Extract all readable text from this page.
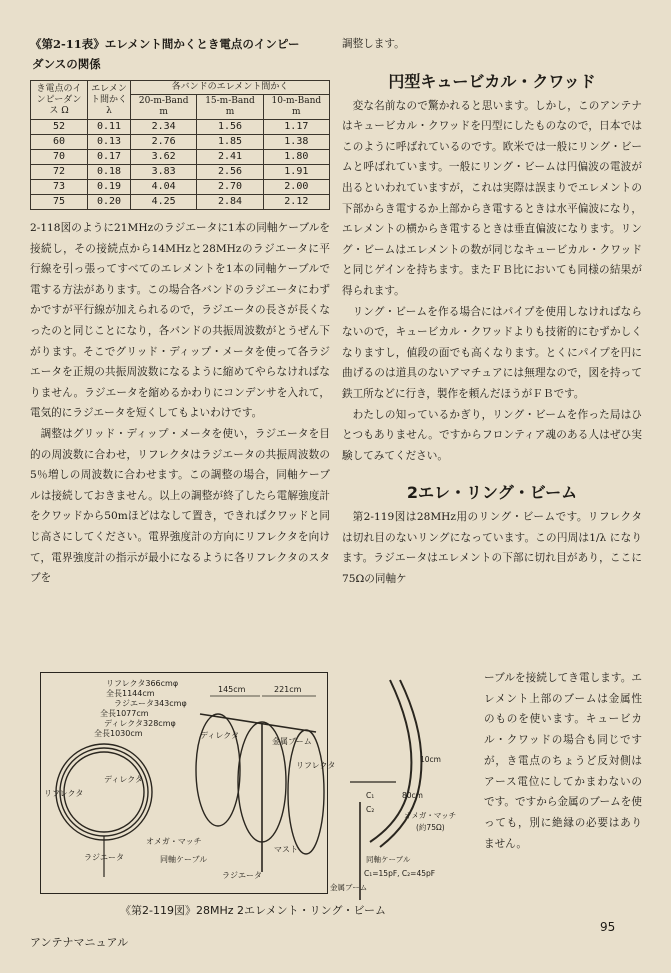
《第2-11表》エレメント間かくとき電点のインピー
ダンスの関係

き電点のインピーダンス Ω	エレメント間かく λ	各バンドのエレメント間かく		
		20-m-Band
m	15-m-Band
m	10-m-Band
m
52	0.11	2.34	1.56	1.17
60	0.13	2.76	1.85	1.38
70	0.17	3.62	2.41	1.80
72	0.18	3.83	2.56	1.91
73	0.19	4.04	2.70	2.00
75	0.20	4.25	2.84	2.12

2-118図のように21MHzのラジエータに1本の同軸ケーブルを接続し，その接続点から14MHzと28MHzのラジエータに平行線を引っ張ってすべてのエレメントを1本の同軸ケーブルで電する方法があります。この場合各バンドのラジエータにわずかですが平行線が加えられるので，ラジエータの長さが長くなったのと同じことになり，各バンドの共振周波数がとうぜん下がります。そこでグリッド・ディップ・メータを使って各ラジエータを正規の共振周波数になるように縮めてやらなければなりません。ラジエータを縮めるかわりにコンデンサを入れて，電気的にラジエータを短くしてもよいわけです。

調整はグリッド・ディップ・メータを使い，ラジエータを目的の周波数に合わせ，リフレクタはラジエータの共振周波数の5％増しの周波数に合わせます。この調整の場合，同軸ケーブルは接続しておきません。以上の調整が終了したら電解強度計をクワッドから50mほどはなして置き，できればクワッドと同じ高さにしてください。電界強度計の方向にリフレクタを向けて，電界強度計の指示が最小になるように各リフレクタのスタブを

調整します。

円型キュービカル・クワッド

変な名前なので驚かれると思います。しかし，このアンテナはキュービカル・クワッドを円型にしたものなので，日本ではこのように呼ばれているのです。欧米では一般にリング・ビームと呼ばれています。一般にリング・ビームは円偏波の電波が出るといわれていますが，これは実際は誤まりでエレメントの下部からき電するか上部からき電するときは水平偏波になり，エレメントの横からき電するときは垂直偏波になります。リング・ビームはエレメントの数が同じなキュービカル・クワッドと同じゲインを持ちます。またＦＢ比においても同様の結果が得られます。

リング・ビームを作る場合にはパイプを使用しなければならないので，キュービカル・クワッドよりも技術的にむずかしくなりますし，値段の面でも高くなります。とくにパイプを円に曲げるのは道具のないアマチュアには無理なので，図を持って鉄工所などに行き，製作を頼んだほうがＦＢです。

わたしの知っているかぎり，リング・ビームを作った局はひとつもありません。ですからフロンティア魂のある人はぜひ実験してみてください。

2エレ・リング・ビーム

第2-119図は28MHz用のリング・ビームです。リフレクタは切れ目のないリングになっています。この円周は1/λ になります。ラジエータはエレメントの下部に切れ目があり，ここに75Ωの同軸ケ

ーブルを接続してき電します。エレメント上部のブームは金属性のものを使います。キュービカル・クワッドの場合も同じですが，き電点のちょうど反対側はアース電位にしてかまわないのです。ですから金属のブームを使っても，別に絶縁の必要はありません。

リフレクタ366cmφ
全長1144cm
ラジエータ343cmφ
全長1077cm
ディレクタ328cmφ
全長1030cm
145cm	221cm
ディレクタ
リフレクタ
ラジエータ
オメガ・マッチ
同軸ケーブル
ディレクタ
金属ブーム
リフレクタ
マスト
ラジエータ
10cm
80cm
C₁
C₂
オメガ・マッチ
(約75Ω)
同軸ケーブル
C₁=15pF, C₂=45pF
金属ブーム
《第2-119図》28MHz 2エレメント・リング・ビーム
95
アンテナマニュアル
